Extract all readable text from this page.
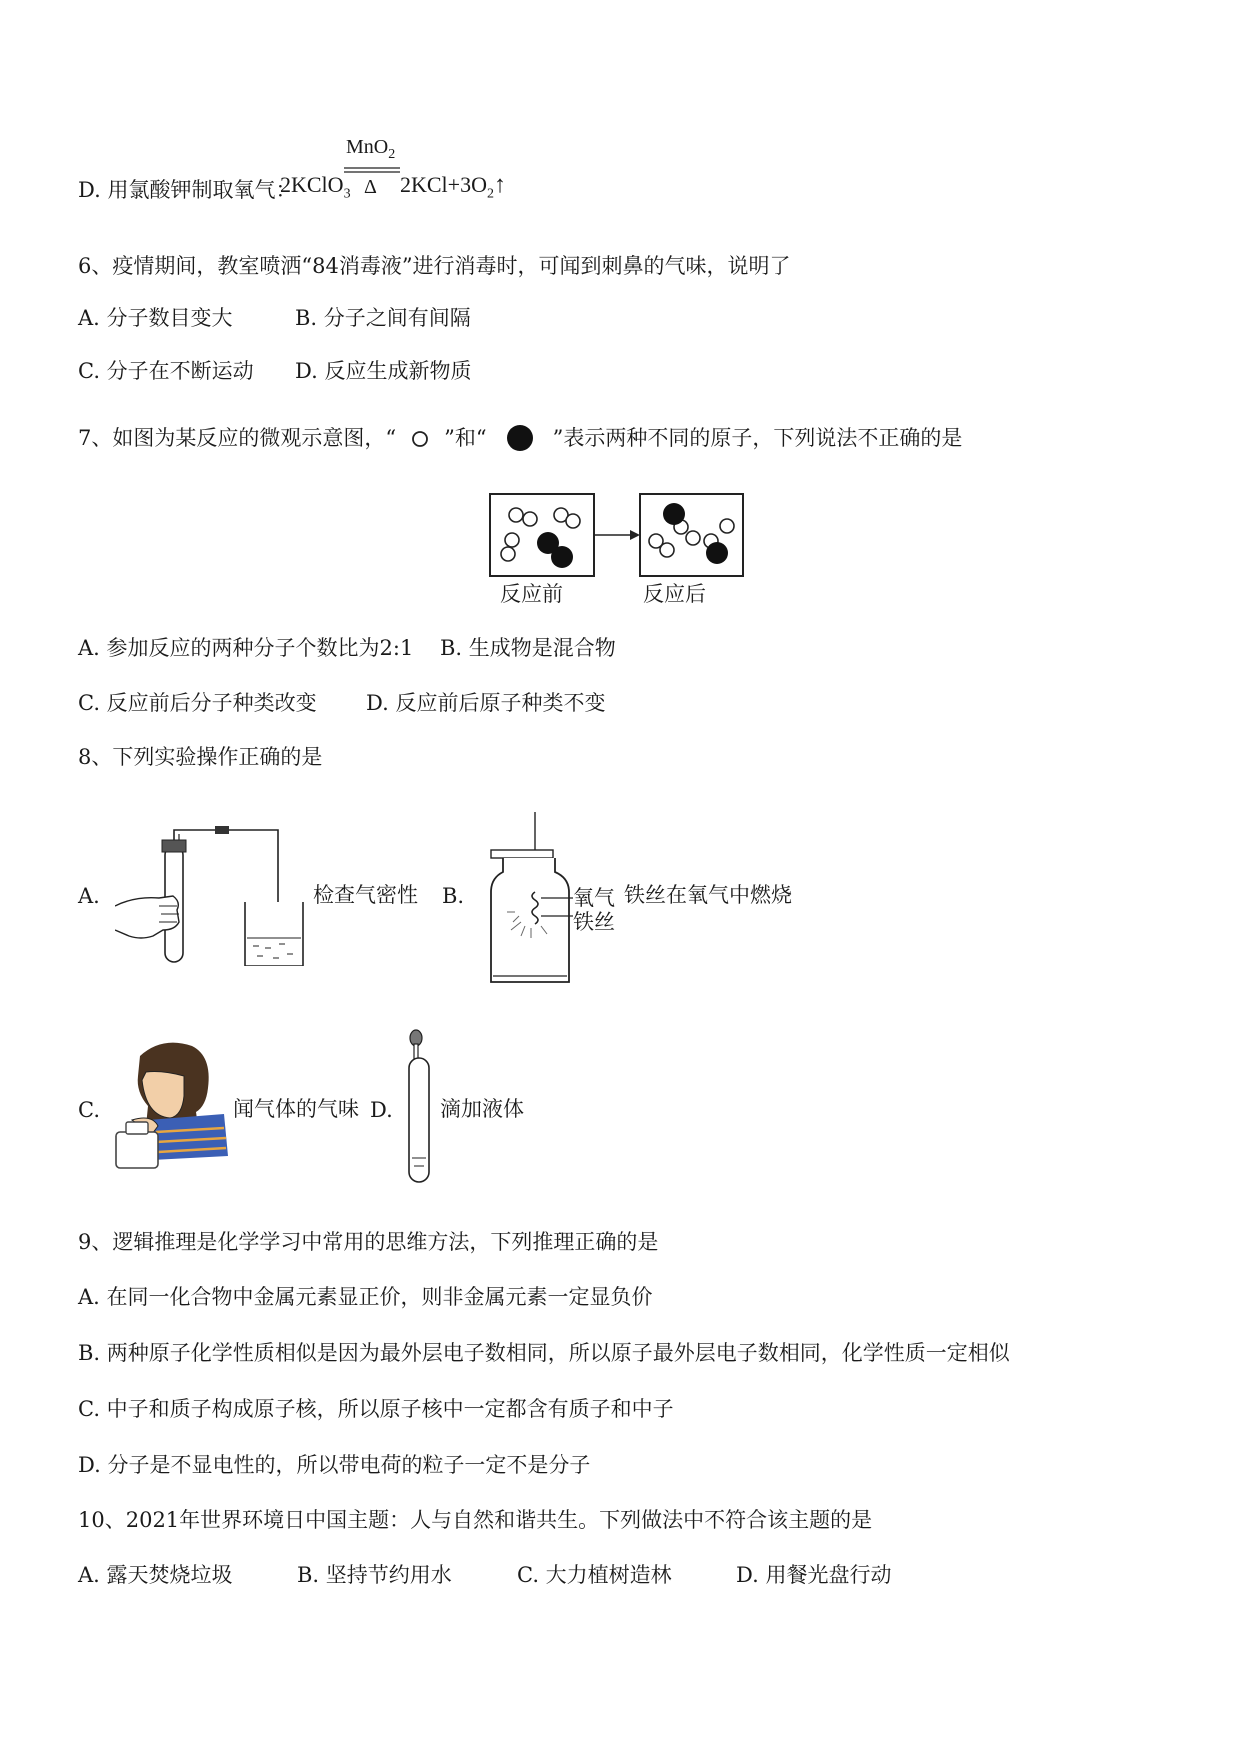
D. 用氯酸钾制取氧气：
2KClO$_3$
MnO$_2$
Δ $2KCl+3O_2↑$
6、疫情期间，教室喷洒“84消毒液”进行消毒时，可闻到刺鼻的气味，说明了
A. 分子数目变大	B. 分子之间有间隔
C. 分子在不断运动 D. 反应生成新物质
7、如图为某反应的微观示意图，“ ”和“	”表示两种不同的原子，下列说法不正确的是
反应前	反应后
A. 参加反应的两种分子个数比为2:1 B. 生成物是混合物
C. 反应前后分子种类改变 D. 反应前后原子种类不变
8、下列实验操作正确的是
A.	检查气密性 B.	氧气
铁丝
铁丝在氧气中燃烧
C.	闻气体的气味 D. 滴加液体
9、逻辑推理是化学学习中常用的思维方法，下列推理正确的是
A. 在同一化合物中金属元素显正价，则非金属元素一定显负价
B. 两种原子化学性质相似是因为最外层电子数相同，所以原子最外层电子数相同，化学性质一定相似
C. 中子和质子构成原子核，所以原子核中一定都含有质子和中子
D. 分子是不显电性的，所以带电荷的粒子一定不是分子
10、2021年世界环境日中国主题：人与自然和谐共生。下列做法中不符合该主题的是
A. 露天焚烧垃圾	B. 坚持节约用水	C. 大力植树造林	D. 用餐光盘行动
